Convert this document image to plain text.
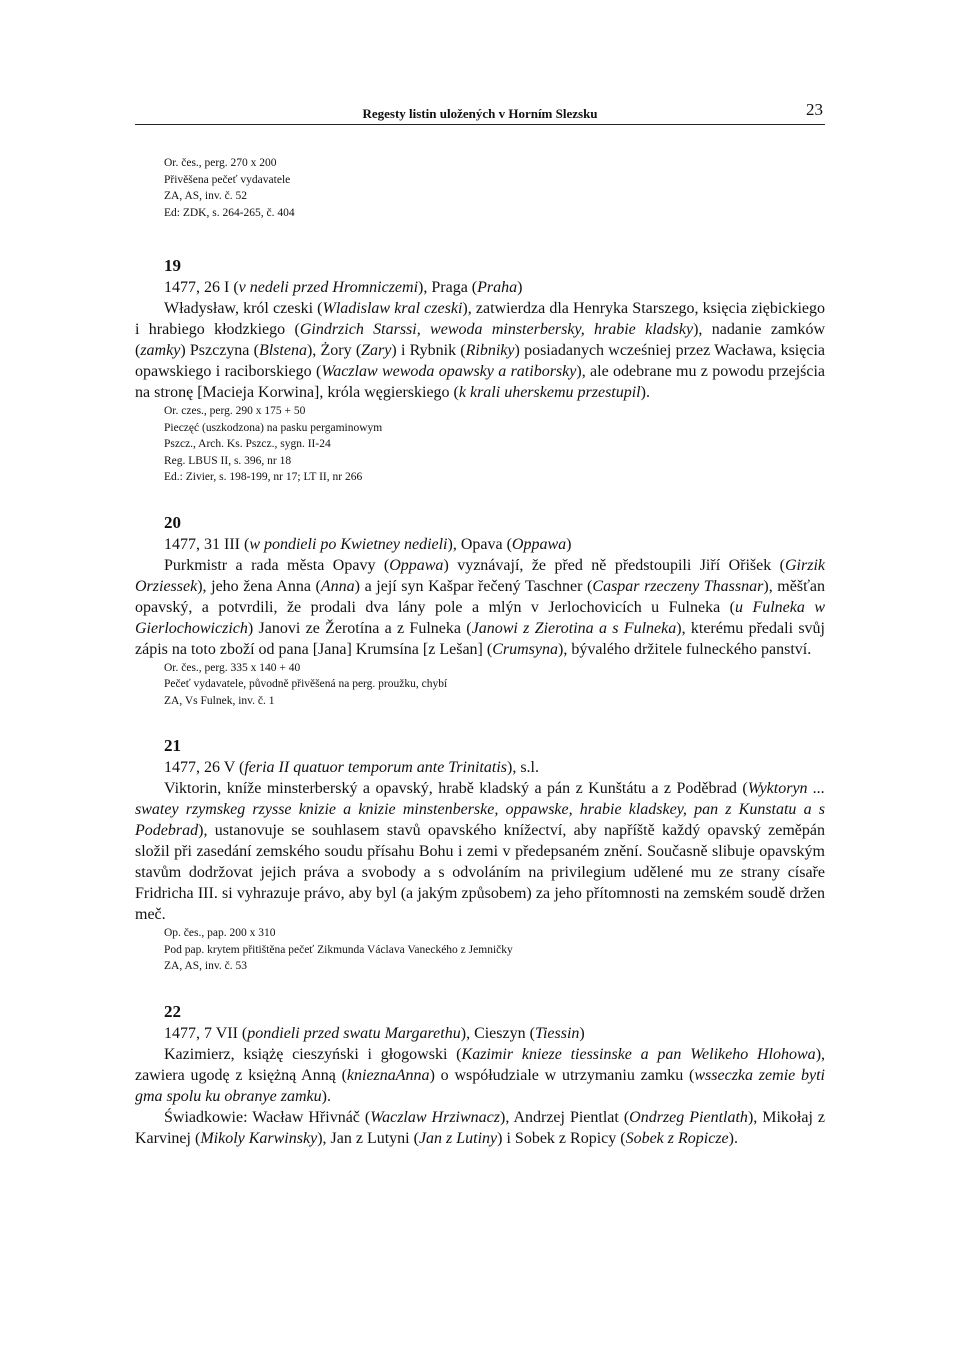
Regesty listin uložených v Horním Slezsku	23
Or. čes., perg. 270 x 200
Přivěšena pečeť vydavatele
ZA, AS, inv. č. 52
Ed: ZDK, s. 264-265, č. 404
19
1477, 26 I (v nedeli przed Hromniczemi), Praga (Praha)

Władysław, król czeski (Wladislaw kral czeski), zatwierdza dla Henryka Starszego, księcia ziębickiego i hrabiego kłodzkiego (Gindrzich Starssi, wewoda minsterbersky, hrabie kladsky), nadanie zamków (zamky) Pszczyna (Blstena), Żory (Zary) i Rybnik (Ribniky) posiadanych wcześniej przez Wacława, księcia opawskiego i raciborskiego (Waczlaw wewoda opawsky a ratiborsky), ale odebrane mu z powodu przejścia na stronę [Macieja Korwina], króla węgierskiego (k krali uherskemu przestupil).

Or. czes., perg. 290 x 175 + 50
Pieczęć (uszkodzona) na pasku pergaminowym
Pszcz., Arch. Ks. Pszcz., sygn. II-24
Reg. LBUS II, s. 396, nr 18
Ed.: Zivier, s. 198-199, nr 17; LT II, nr 266
20
1477, 31 III (w pondieli po Kwietney nedieli), Opava (Oppawa)

Purkmistr a rada města Opavy (Oppawa) vyznávají, že před ně předstoupili Jiří Ořišek (Girzik Orziessek), jeho žena Anna (Anna) a její syn Kašpar řečený Taschner (Caspar rzeczeny Thassnar), měšťan opavský, a potvrdili, že prodali dva lány pole a mlýn v Jerlochovicích u Fulneka (u Fulneka w Gierlochowiczich) Janovi ze Žerotína a z Fulneka (Janowi z Zierotina a s Fulneka), kterému předali svůj zápis na toto zboží od pana [Jana] Krumsína [z Lešan] (Crumsyna), bývalého držitele fulneckého panství.

Or. čes., perg. 335 x 140 + 40
Pečeť vydavatele, původně přivěšená na perg. proužku, chybí
ZA, Vs Fulnek, inv. č. 1
21
1477, 26 V (feria II quatuor temporum ante Trinitatis), s.l.

Viktorin, kníže minsterberský a opavský, hrabě kladský a pán z Kunštátu a z Poděbrad (Wyktoryn ... swatey rzymskeg rzysse knizie a knizie minstenberske, oppawske, hrabie kladskey, pan z Kunstatu a s Podebrad), ustanovuje se souhlasem stavů opavského knížectví, aby napříště každý opavský zeměpán složil při zasedání zemského soudu přísahu Bohu i zemi v předepsaném znění. Současně slibuje opavským stavům dodržovat jejich práva a svobody a s odvoláním na privilegium udělené mu ze strany císaře Fridricha III. si vyhrazuje právo, aby byl (a jakým způsobem) za jeho přítomnosti na zemském soudě držen meč.

Op. čes., pap. 200 x 310
Pod pap. krytem přitištěna pečeť Zikmunda Václava Vaneckého z Jemničky
ZA, AS, inv. č. 53
22
1477, 7 VII (pondieli przed swatu Margarethu), Cieszyn (Tiessin)

Kazimierz, książę cieszyński i głogowski (Kazimir knieze tiessinske a pan Welikeho Hlohowa), zawiera ugodę z księżną Anną (knieznaAnna) o współudziale w utrzymaniu zamku (wsseczka zemie byti gma spolu ku obranye zamku).

Świadkowie: Wacław Hřivnáč (Waczlaw Hrziwnacz), Andrzej Pientlat (Ondrzeg Pientlath), Mikołaj z Karvinej (Mikoly Karwinsky), Jan z Lutyni (Jan z Lutiny) i Sobek z Ropicy (Sobek z Ropicze).
